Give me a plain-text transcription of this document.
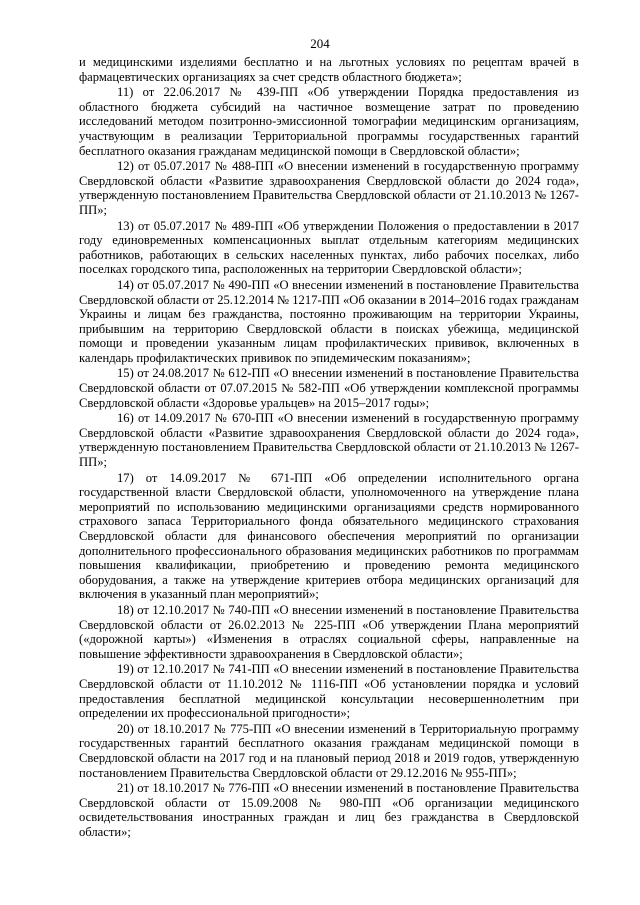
204

и медицинскими изделиями бесплатно и на льготных условиях по рецептам врачей в фармацевтических организациях за счет средств областного бюджета»;

11) от 22.06.2017 № 439-ПП «Об утверждении Порядка предоставления из областного бюджета субсидий на частичное возмещение затрат по проведению исследований методом позитронно-эмиссионной томографии медицинским организациям, участвующим в реализации Территориальной программы государственных гарантий бесплатного оказания гражданам медицинской помощи в Свердловской области»;

12) от 05.07.2017 № 488-ПП «О внесении изменений в государственную программу Свердловской области «Развитие здравоохранения Свердловской области до 2024 года», утвержденную постановлением Правительства Свердловской области от 21.10.2013 № 1267-ПП»;

13) от 05.07.2017 № 489-ПП «Об утверждении Положения о предоставлении в 2017 году единовременных компенсационных выплат отдельным категориям медицинских работников, работающих в сельских населенных пунктах, либо рабочих поселках, либо поселках городского типа, расположенных на территории Свердловской области»;

14) от 05.07.2017 № 490-ПП «О внесении изменений в постановление Правительства Свердловской области от 25.12.2014 № 1217-ПП «Об оказании в 2014–2016 годах гражданам Украины и лицам без гражданства, постоянно проживающим на территории Украины, прибывшим на территорию Свердловской области в поисках убежища, медицинской помощи и проведении указанным лицам профилактических прививок, включенных в календарь профилактических прививок по эпидемическим показаниям»;

15) от 24.08.2017 № 612-ПП «О внесении изменений в постановление Правительства Свердловской области от 07.07.2015 № 582-ПП «Об утверждении комплексной программы Свердловской области «Здоровье уральцев» на 2015–2017 годы»;

16) от 14.09.2017 № 670-ПП «О внесении изменений в государственную программу Свердловской области «Развитие здравоохранения Свердловской области до 2024 года», утвержденную постановлением Правительства Свердловской области от 21.10.2013 № 1267-ПП»;

17) от 14.09.2017 № 671-ПП «Об определении исполнительного органа государственной власти Свердловской области, уполномоченного на утверждение плана мероприятий по использованию медицинскими организациями средств нормированного страхового запаса Территориального фонда обязательного медицинского страхования Свердловской области для финансового обеспечения мероприятий по организации дополнительного профессионального образования медицинских работников по программам повышения квалификации, приобретению и проведению ремонта медицинского оборудования, а также на утверждение критериев отбора медицинских организаций для включения в указанный план мероприятий»;

18) от 12.10.2017 № 740-ПП «О внесении изменений в постановление Правительства Свердловской области от 26.02.2013 № 225-ПП «Об утверждении Плана мероприятий («дорожной карты») «Изменения в отраслях социальной сферы, направленные на повышение эффективности здравоохранения в Свердловской области»;

19) от 12.10.2017 № 741-ПП «О внесении изменений в постановление Правительства Свердловской области от 11.10.2012 № 1116-ПП «Об установлении порядка и условий предоставления бесплатной медицинской консультации несовершеннолетним при определении их профессиональной пригодности»;

20) от 18.10.2017 № 775-ПП «О внесении изменений в Территориальную программу государственных гарантий бесплатного оказания гражданам медицинской помощи в Свердловской области на 2017 год и на плановый период 2018 и 2019 годов, утвержденную постановлением Правительства Свердловской области от 29.12.2016 № 955-ПП»;

21) от 18.10.2017 № 776-ПП «О внесении изменений в постановление Правительства Свердловской области от 15.09.2008 № 980-ПП «Об организации медицинского освидетельствования иностранных граждан и лиц без гражданства в Свердловской области»;
